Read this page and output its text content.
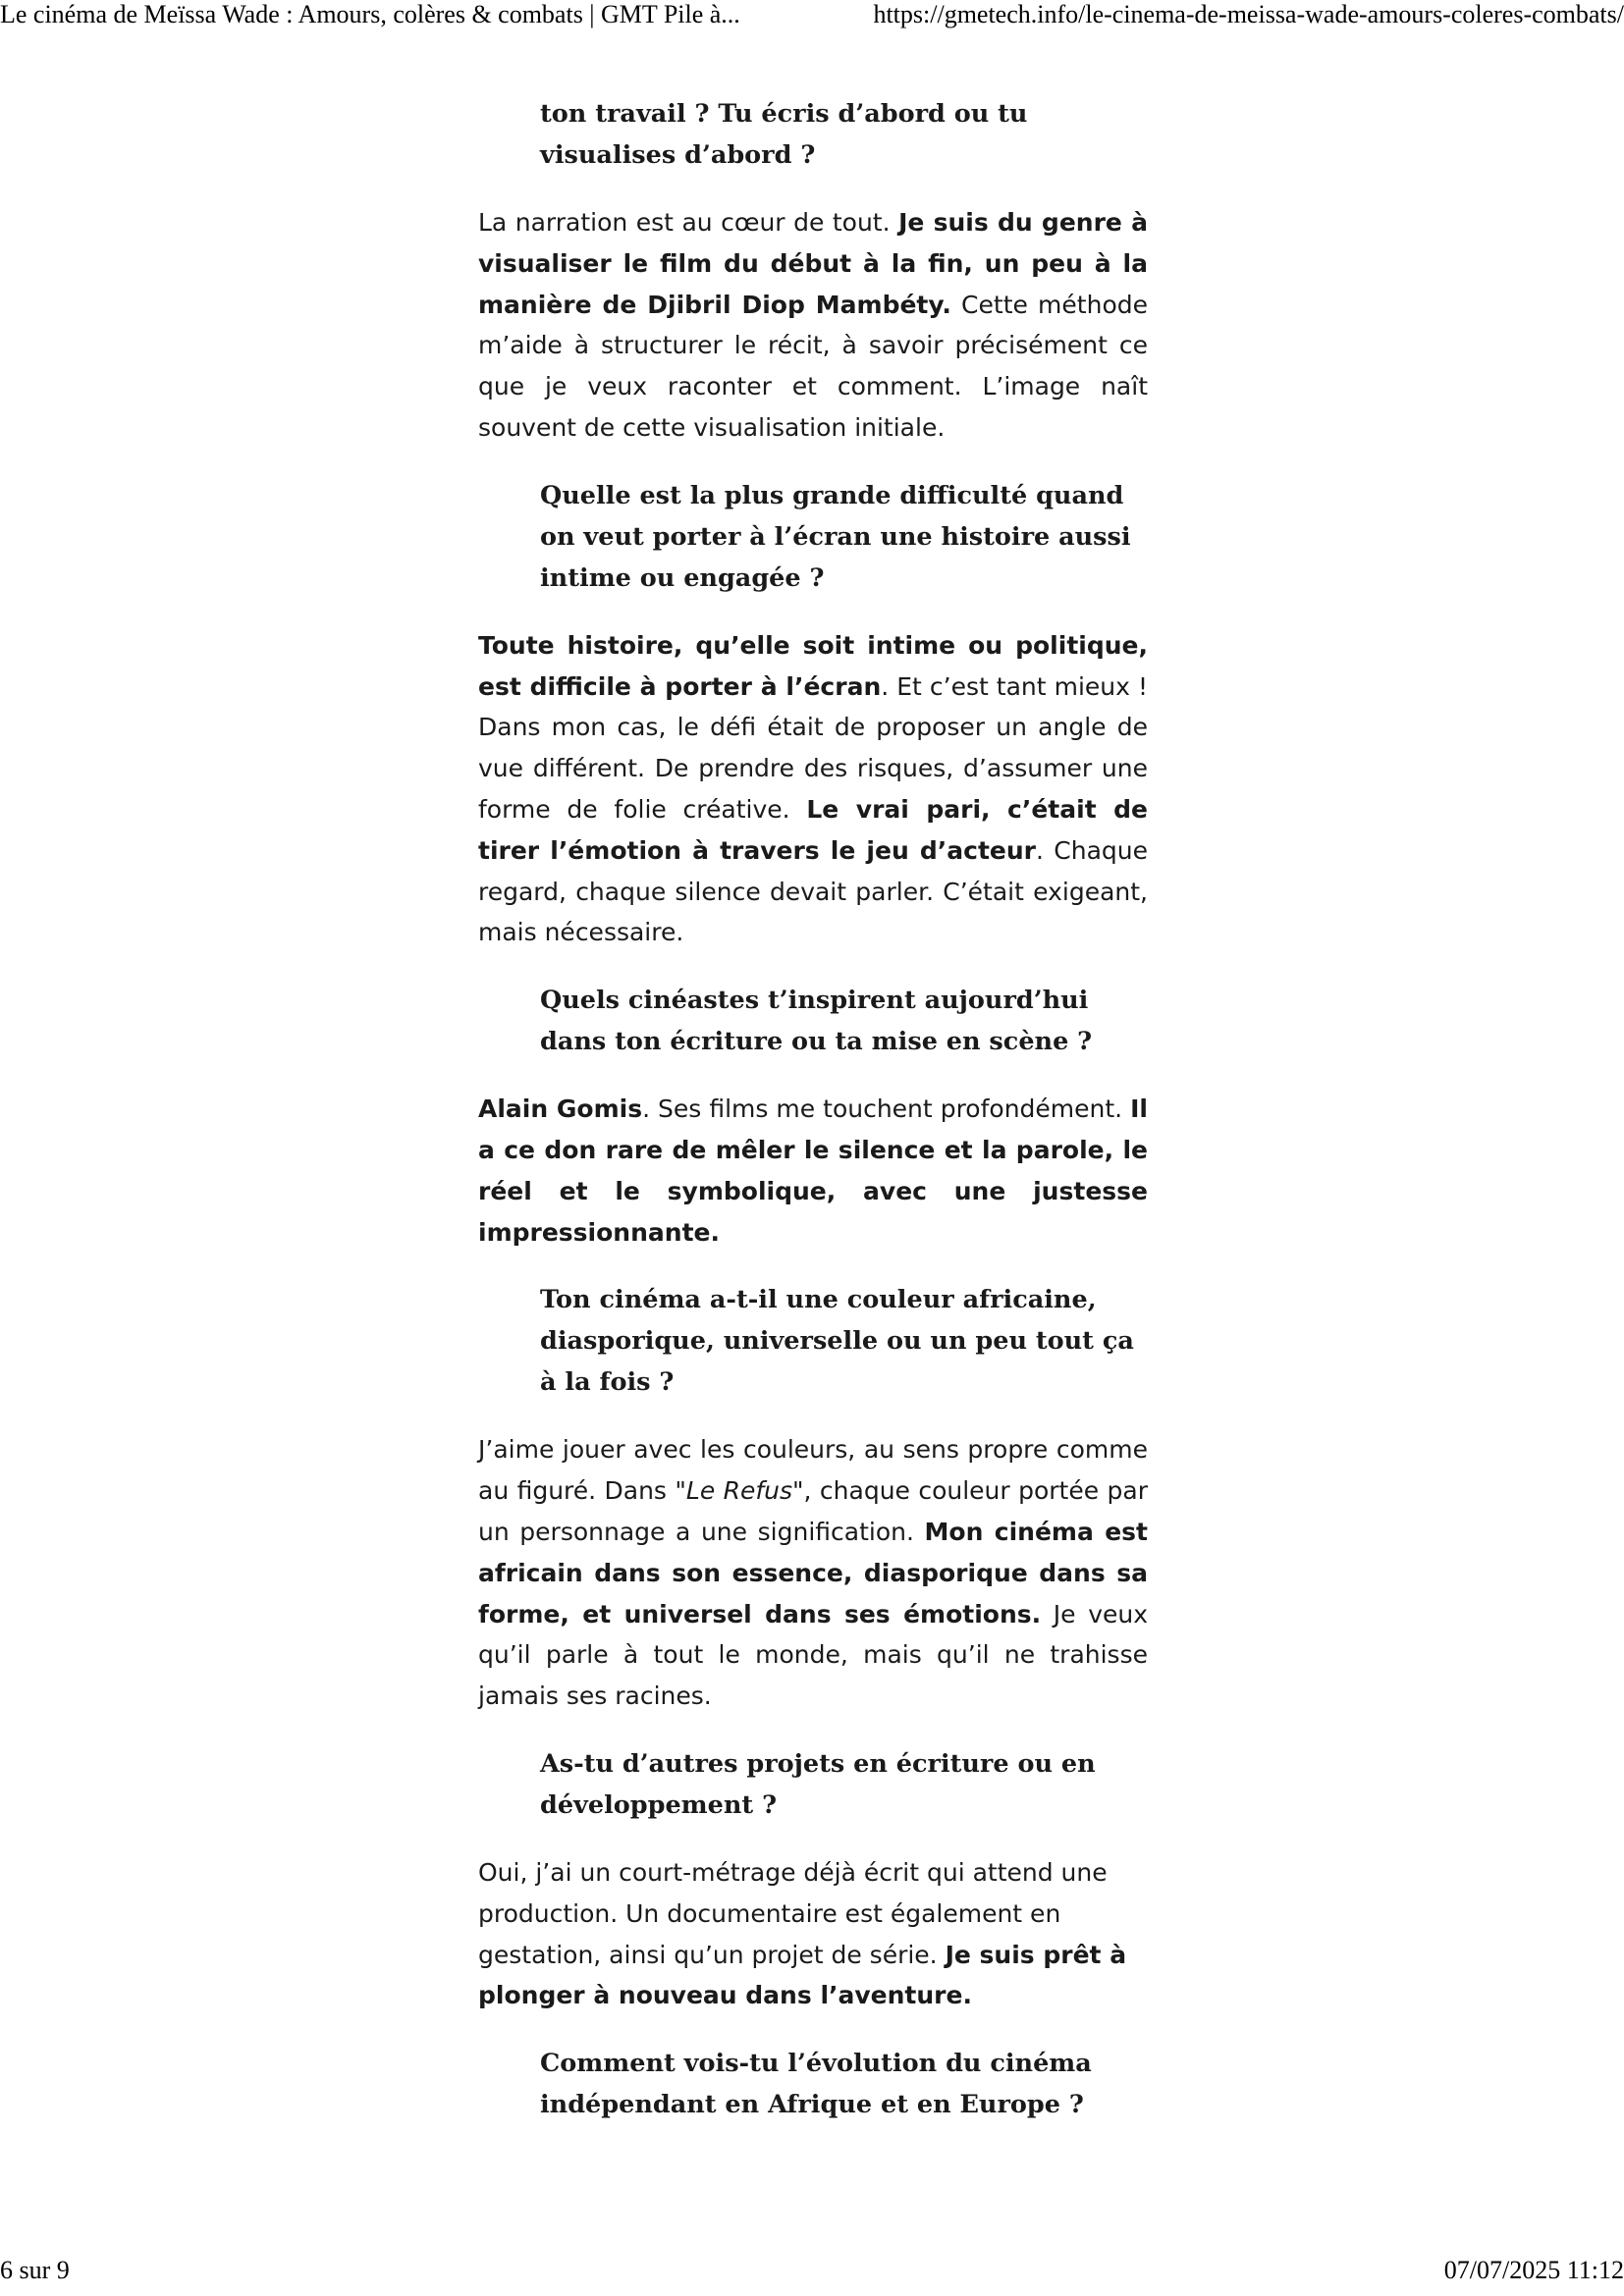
Le cinéma de Meïssa Wade : Amours, colères & combats | GMT Pile à...	https://gmetech.info/le-cinema-de-meissa-wade-amours-coleres-combats/
ton travail ? Tu écris d’abord ou tu visualises d’abord ?

La narration est au cœur de tout. Je suis du genre à visualiser le film du début à la fin, un peu à la manière de Djibril Diop Mambéty. Cette méthode m’aide à structurer le récit, à savoir précisément ce que je veux raconter et comment. L’image naît souvent de cette visualisation initiale.

Quelle est la plus grande difficulté quand on veut porter à l’écran une histoire aussi intime ou engagée ?

Toute histoire, qu’elle soit intime ou politique, est difficile à porter à l’écran. Et c’est tant mieux ! Dans mon cas, le défi était de proposer un angle de vue différent. De prendre des risques, d’assumer une forme de folie créative. Le vrai pari, c’était de tirer l’émotion à travers le jeu d’acteur. Chaque regard, chaque silence devait parler. C’était exigeant, mais nécessaire.

Quels cinéastes t’inspirent aujourd’hui dans ton écriture ou ta mise en scène ?

Alain Gomis. Ses films me touchent profondément. Il a ce don rare de mêler le silence et la parole, le réel et le symbolique, avec une justesse impressionnante.

Ton cinéma a-t-il une couleur africaine, diasporique, universelle ou un peu tout ça à la fois ?

J’aime jouer avec les couleurs, au sens propre comme au figuré. Dans "Le Refus", chaque couleur portée par un personnage a une signification. Mon cinéma est africain dans son essence, diasporique dans sa forme, et universel dans ses émotions. Je veux qu’il parle à tout le monde, mais qu’il ne trahisse jamais ses racines.

As-tu d’autres projets en écriture ou en développement ?

Oui, j’ai un court-métrage déjà écrit qui attend une production. Un documentaire est également en gestation, ainsi qu’un projet de série. Je suis prêt à plonger à nouveau dans l’aventure.

Comment vois-tu l’évolution du cinéma indépendant en Afrique et en Europe ?
6 sur 9	07/07/2025 11:12
